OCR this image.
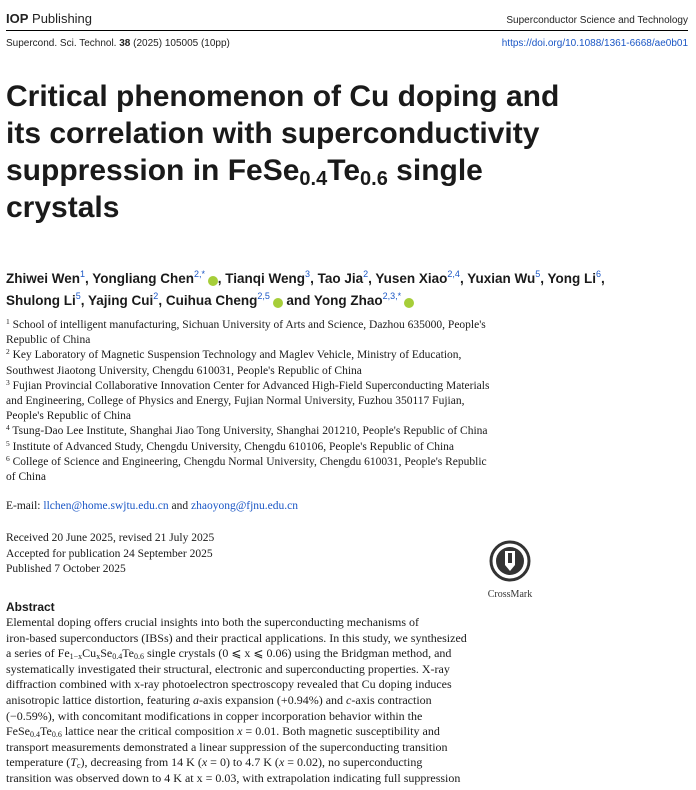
IOP Publishing	Superconductor Science and Technology
Supercond. Sci. Technol. 38 (2025) 105005 (10pp)	https://doi.org/10.1088/1361-6668/ae0b01
Critical phenomenon of Cu doping and
its correlation with superconductivity
suppression in $FeSe_{0.4}Te_{0.6}$ single
crystals
Zhiwei Wen$^1$, Yongliang Chen$^{2,*}$  , Tianqi Weng$^3$, Tao Jia$^2$, Yusen Xiao$^{2,4}$, Yuxian Wu$^5$, Yong Li$^6$, Shulong Li$^5$, Yajing Cui$^2$, Cuihua Cheng$^{2,5}$  and Yong Zhao$^{2,3,*}$ 
$^1$ School of intelligent manufacturing, Sichuan University of Arts and Science, Dazhou 635000, People's
Republic of China
$^2$ Key Laboratory of Magnetic Suspension Technology and Maglev Vehicle, Ministry of Education,
Southwest Jiaotong University, Chengdu 610031, People's Republic of China
$^3$ Fujian Provincial Collaborative Innovation Center for Advanced High-Field Superconducting Materials
and Engineering, College of Physics and Energy, Fujian Normal University, Fuzhou 350117 Fujian,
People's Republic of China
$^4$ Tsung-Dao Lee Institute, Shanghai Jiao Tong University, Shanghai 201210, People's Republic of China
$^5$ Institute of Advanced Study, Chengdu University, Chengdu 610106, People's Republic of China
$^6$ College of Science and Engineering, Chengdu Normal University, Chengdu 610031, People's Republic
of China
E-mail: llchen@home.swjtu.edu.cn and zhaoyong@fjnu.edu.cn
Received 20 June 2025, revised 21 July 2025
Accepted for publication 24 September 2025
Published 7 October 2025
CrossMark
Abstract

Elemental doping offers crucial insights into both the superconducting mechanisms of
iron-based superconductors (IBSs) and their practical applications. In this study, we synthesized
a series of $Fe_{1-x}Cu_xSe_{0.4}Te_{0.6}$ single crystals (0 ⩽ x ⩽ 0.06) using the Bridgman method, and
systematically investigated their structural, electronic and superconducting properties. X-ray
diffraction combined with x-ray photoelectron spectroscopy revealed that Cu doping induces
anisotropic lattice distortion, featuring a-axis expansion (+0.94%) and c-axis contraction
(−0.59%), with concomitant modifications in copper incorporation behavior within the
$FeSe_{0.4}Te_{0.6}$ lattice near the critical composition x = 0.01. Both magnetic susceptibility and
transport measurements demonstrated a linear suppression of the superconducting transition
temperature $(T_c)$, decreasing from 14 K (x = 0) to 4.7 K (x = 0.02), no superconducting
transition was observed down to 4 K at x = 0.03, with extrapolation indicating full suppression
